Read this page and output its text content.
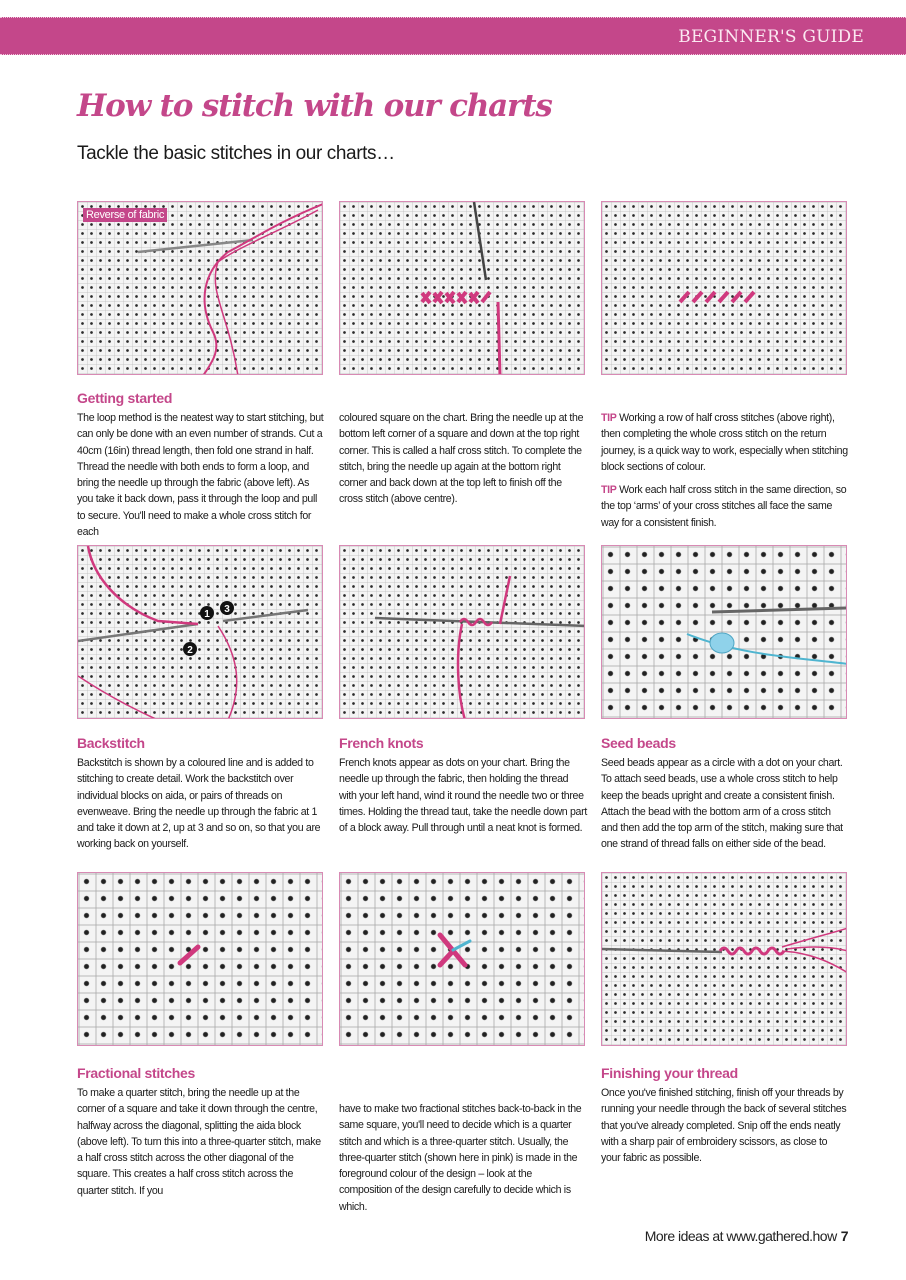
BEGINNER'S GUIDE
How to stitch with our charts
Tackle the basic stitches in our charts…
Reverse of fabric
Getting started
The loop method is the neatest way to start stitching, but can only be done with an even number of strands. Cut a 40cm (16in) thread length, then fold one strand in half. Thread the needle with both ends to form a loop, and bring the needle up through the fabric (above left). As you take it back down, pass it through the loop and pull to secure. You'll need to make a whole cross stitch for each
coloured square on the chart. Bring the needle up at the bottom left corner of a square and down at the top right corner. This is called a half cross stitch. To complete the stitch, bring the needle up again at the bottom right corner and back down at the top left to finish off the cross stitch (above centre).
TIP Working a row of half cross stitches (above right), then completing the whole cross stitch on the return journey, is a quick way to work, especially when stitching block sections of colour.
TIP Work each half cross stitch in the same direction, so the top ‘arms’ of your cross stitches all face the same way for a consistent finish.
1
2
3
Backstitch
Backstitch is shown by a coloured line and is added to stitching to create detail. Work the backstitch over individual blocks on aida, or pairs of threads on evenweave. Bring the needle up through the fabric at 1 and take it down at 2, up at 3 and so on, so that you are working back on yourself.
French knots
French knots appear as dots on your chart. Bring the needle up through the fabric, then holding the thread with your left hand, wind it round the needle two or three times. Holding the thread taut, take the needle down part of a block away. Pull through until a neat knot is formed.
Seed beads
Seed beads appear as a circle with a dot on your chart. To attach seed beads, use a whole cross stitch to help keep the beads upright and create a consistent finish. Attach the bead with the bottom arm of a cross stitch and then add the top arm of the stitch, making sure that one strand of thread falls on either side of the bead.
Fractional stitches
To make a quarter stitch, bring the needle up at the corner of a square and take it down through the centre, halfway across the diagonal, splitting the aida block (above left). To turn this into a three-quarter stitch, make a half cross stitch across the other diagonal of the square. This creates a half cross stitch across the quarter stitch. If you
have to make two fractional stitches back-to-back in the same square, you'll need to decide which is a quarter stitch and which is a three-quarter stitch. Usually, the three-quarter stitch (shown here in pink) is made in the foreground colour of the design – look at the composition of the design carefully to decide which is which.
Finishing your thread
Once you've finished stitching, finish off your threads by running your needle through the back of several stitches that you've already completed. Snip off the ends neatly with a sharp pair of embroidery scissors, as close to your fabric as possible.
More ideas at www.gathered.how 7
